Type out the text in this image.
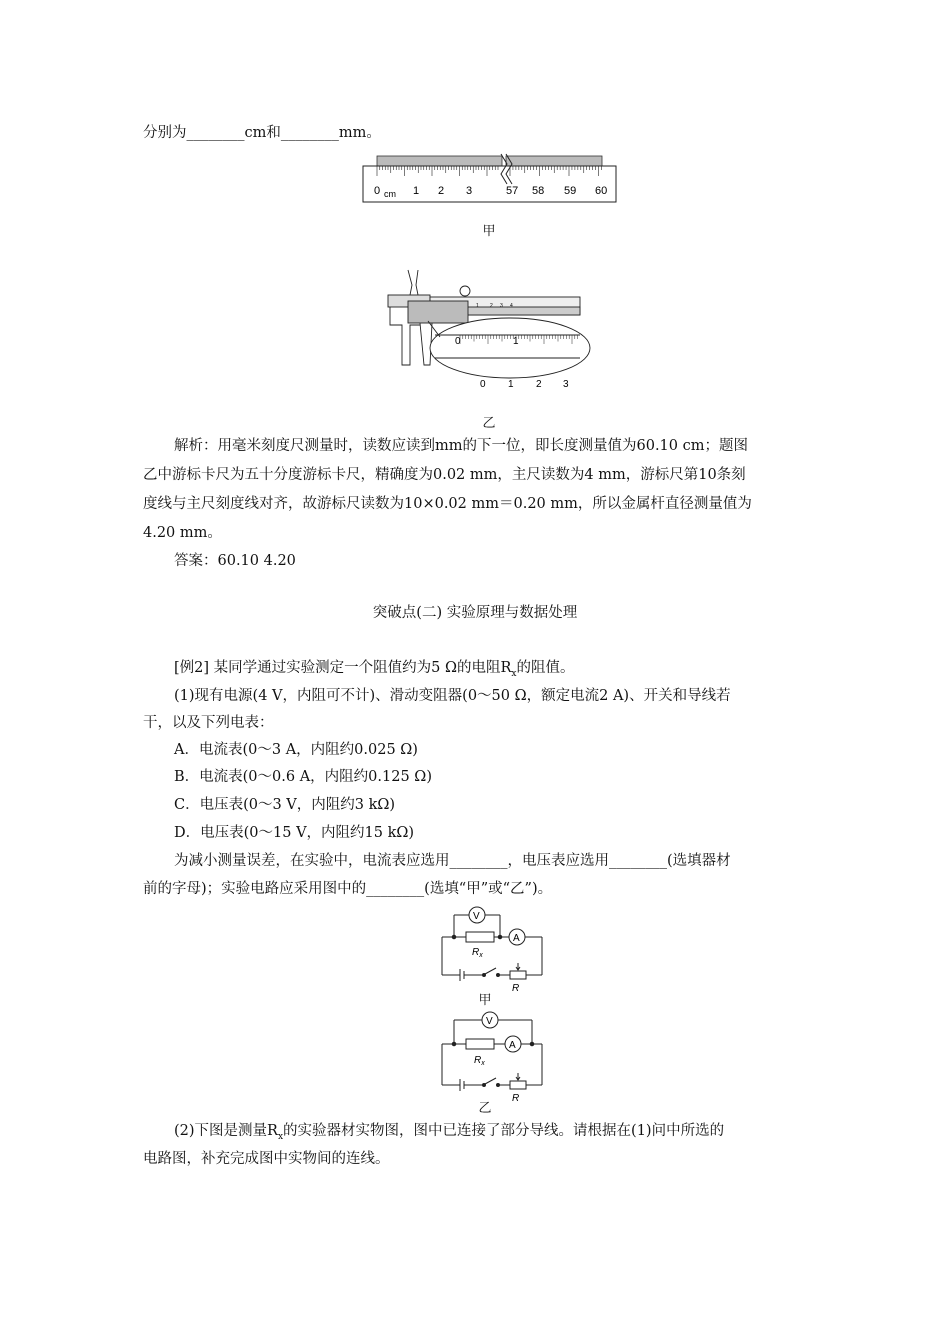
分别为________cm和________mm。
0 cm 1 2 3	57 58 59 60
甲
1 2 3 4
0	1
0 1 2 3
乙
解析：用毫米刻度尺测量时，读数应读到mm的下一位，即长度测量值为60.10 cm；题图
乙中游标卡尺为五十分度游标卡尺，精确度为0.02 mm，主尺读数为4 mm，游标尺第10条刻
度线与主尺刻度线对齐，故游标尺读数为10×0.02 mm＝0.20 mm，所以金属杆直径测量值为
4.20 mm。
答案：60.10 4.20
突破点(二) 实验原理与数据处理
[例2] 某同学通过实验测定一个阻值约为5 Ω的电阻$R_x$的阻值。
(1)现有电源(4 V，内阻可不计)、滑动变阻器(0～50 Ω，额定电流2 A)、开关和导线若
干，以及下列电表：
A．电流表(0～3 A，内阻约0.025 Ω)
B．电流表(0～0.6 A，内阻约0.125 Ω)
C．电压表(0～3 V，内阻约3 kΩ)
D．电压表(0～15 V，内阻约15 kΩ)
为减小测量误差，在实验中，电流表应选用________，电压表应选用________(选填器材
前的字母)；实验电路应采用图中的________(选填“甲”或“乙”)。
V
A
$R_x$
R
甲
V
A
$R_x$
R
乙
(2)下图是测量$R_x$的实验器材实物图，图中已连接了部分导线。请根据在(1)问中所选的
电路图，补充完成图中实物间的连线。
